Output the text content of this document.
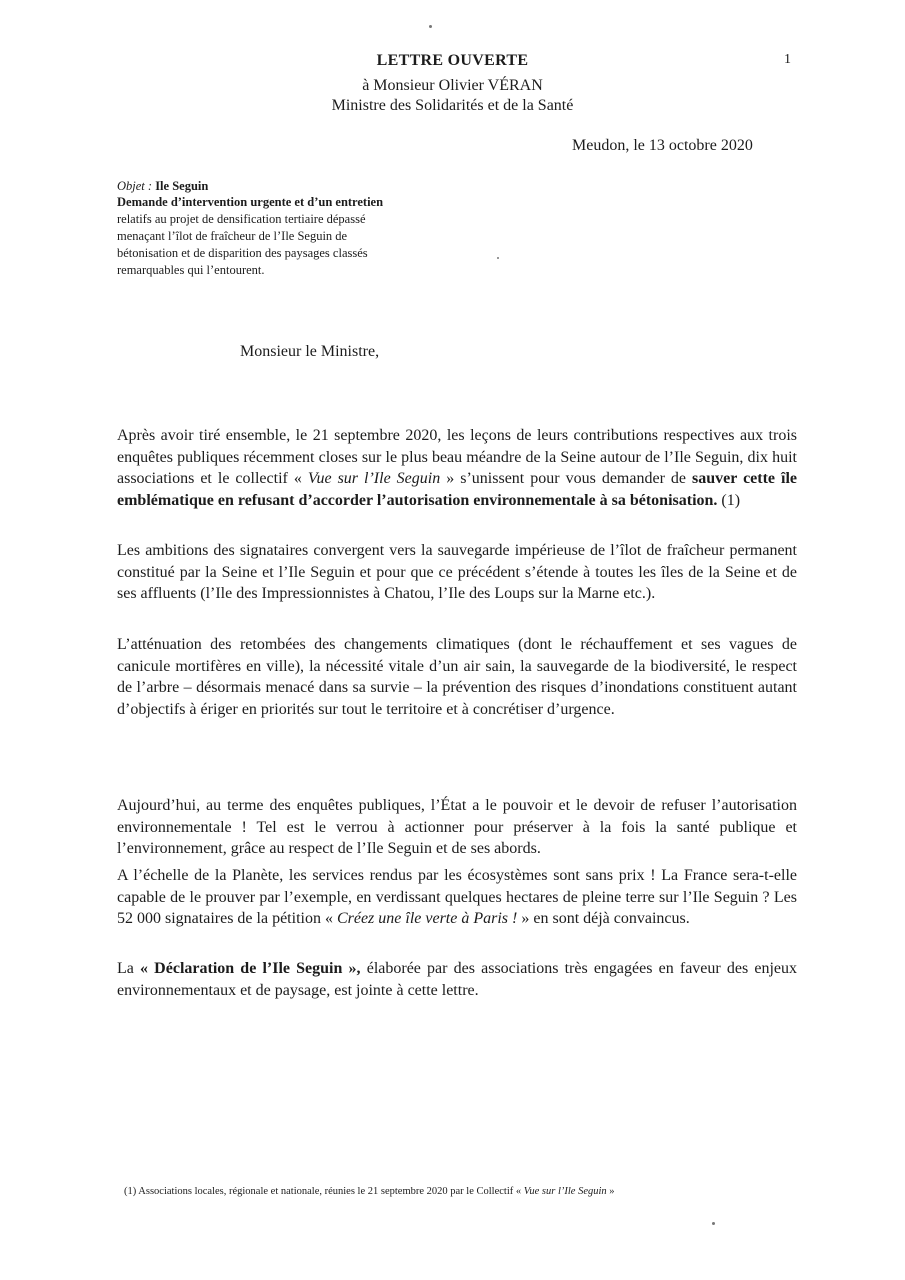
LETTRE OUVERTE
à Monsieur Olivier VÉRAN
Ministre des Solidarités et de la Santé
1
Meudon, le 13 octobre 2020
Objet : Ile Seguin
Demande d’intervention urgente et d’un entretien
relatifs au projet de densification tertiaire dépassé
menaçant l’îlot de fraîcheur de l’Ile Seguin de
bétonisation et de disparition des paysages classés
remarquables qui l’entourent.
Monsieur le Ministre,

Après avoir tiré ensemble, le 21 septembre 2020, les leçons de leurs contributions respectives aux trois enquêtes publiques récemment closes sur le plus beau méandre de la Seine autour de l’Ile Seguin, dix huit associations et le collectif « Vue sur l’Ile Seguin » s’unissent pour vous demander de sauver cette île emblématique en refusant d’accorder l’autorisation environnementale à sa bétonisation. (1)

Les ambitions des signataires convergent vers la sauvegarde impérieuse de l’îlot de fraîcheur permanent constitué par la Seine et l’Ile Seguin et pour que ce précédent s’étende à toutes les îles de la Seine et de ses affluents (l’Ile des Impressionnistes à Chatou, l’Ile des Loups sur la Marne etc.).

L’atténuation des retombées des changements climatiques (dont le réchauffement et ses vagues de canicule mortifères en ville), la nécessité vitale d’un air sain, la sauvegarde de la biodiversité, le respect de l’arbre – désormais menacé dans sa survie – la prévention des risques d’inondations constituent autant d’objectifs à ériger en priorités sur tout le territoire et à concrétiser d’urgence.

Aujourd’hui, au terme des enquêtes publiques, l’État a le pouvoir et le devoir de refuser l’autorisation environnementale ! Tel est le verrou à actionner pour préserver à la fois la santé publique et l’environnement, grâce au respect de l’Ile Seguin et de ses abords.

A l’échelle de la Planète, les services rendus par les écosystèmes sont sans prix ! La France sera-t-elle capable de le prouver par l’exemple, en verdissant quelques hectares de pleine terre sur l’Ile Seguin ? Les 52 000 signataires de la pétition « Créez une île verte à Paris ! » en sont déjà convaincus.

La « Déclaration de l’Ile Seguin », élaborée par des associations très engagées en faveur des enjeux environnementaux et de paysage, est jointe à cette lettre.

(1) Associations locales, régionale et nationale, réunies le 21 septembre 2020 par le Collectif « Vue sur l’Ile Seguin »
